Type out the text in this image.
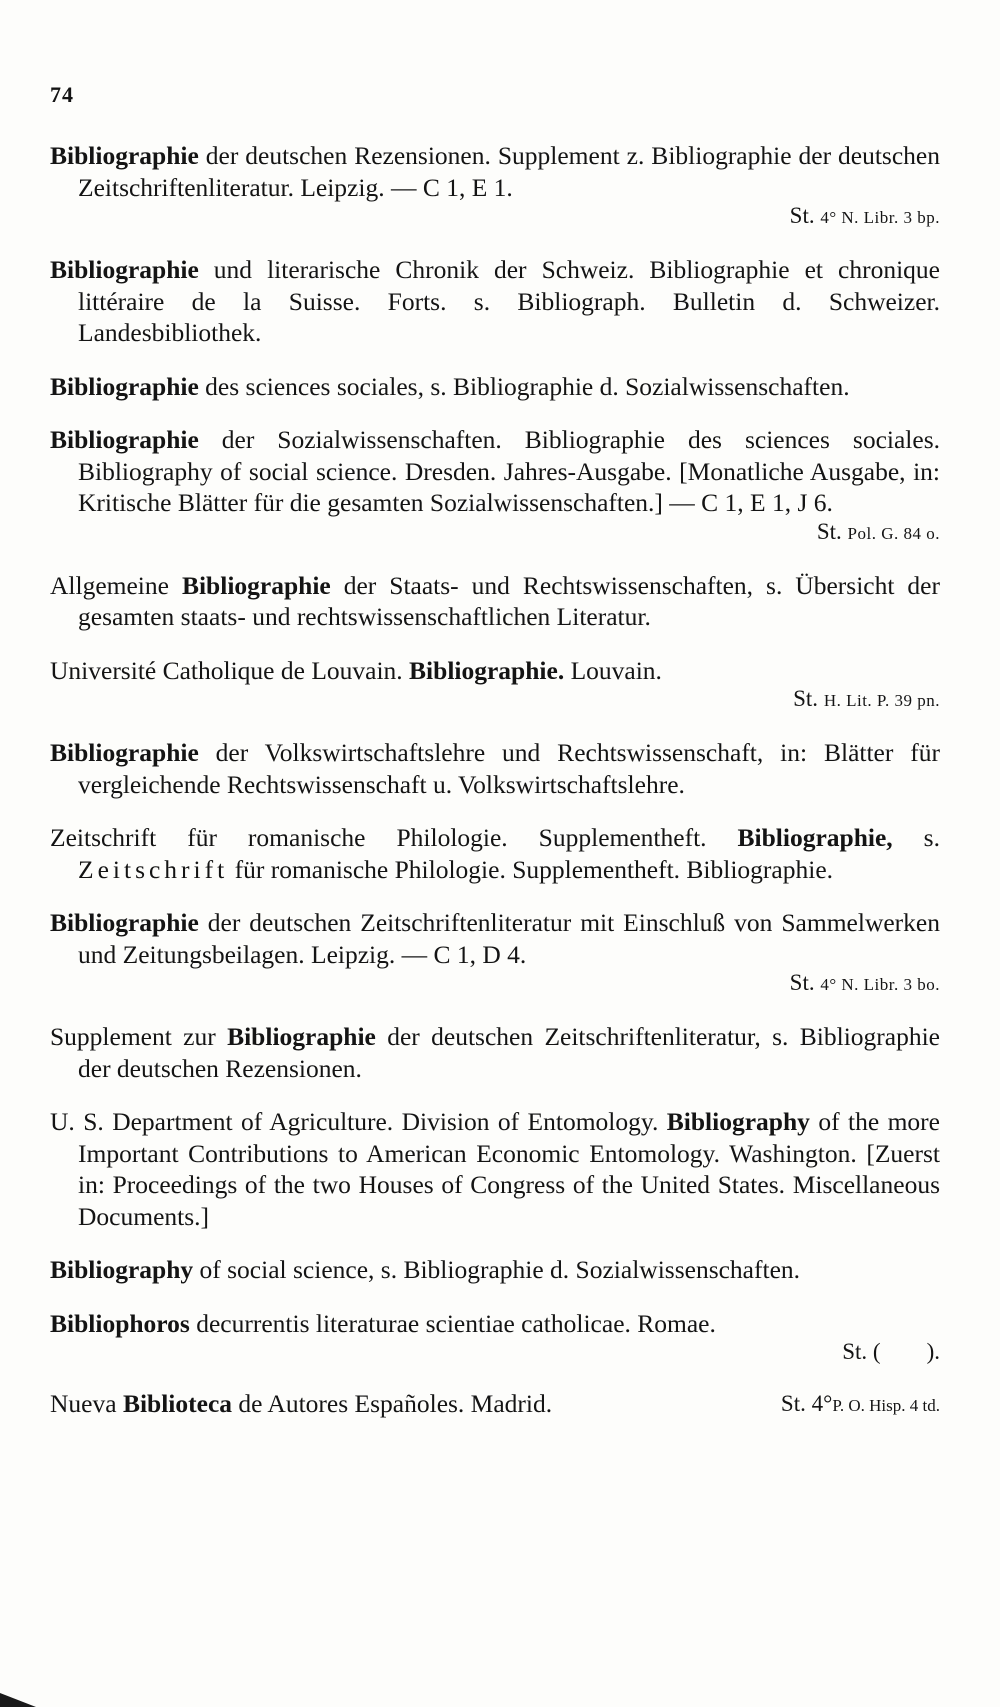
74
Bibliographie der deutschen Rezensionen. Supplement z. Bibliographie der deutschen Zeitschriftenliteratur. Leipzig. — C 1, E 1.
St. 4° N. Libr. 3 bp.
Bibliographie und literarische Chronik der Schweiz. Bibliographie et chronique littéraire de la Suisse. Forts. s. Bibliograph. Bulletin d. Schweizer. Landesbibliothek.
Bibliographie des sciences sociales, s. Bibliographie d. Sozialwissenschaften.
Bibliographie der Sozialwissenschaften. Bibliographie des sciences sociales. Bibliography of social science. Dresden. Jahres-Ausgabe. [Monatliche Ausgabe, in: Kritische Blätter für die gesamten Sozialwissenschaften.] — C 1, E 1, J 6.
St. Pol. G. 84 o.
Allgemeine Bibliographie der Staats- und Rechtswissenschaften, s. Übersicht der gesamten staats- und rechtswissenschaftlichen Literatur.
Université Catholique de Louvain. Bibliographie. Louvain.
St. H. Lit. P. 39 pn.
Bibliographie der Volkswirtschaftslehre und Rechtswissenschaft, in: Blätter für vergleichende Rechtswissenschaft u. Volkswirtschaftslehre.
Zeitschrift für romanische Philologie. Supplementheft. Bibliographie, s. Zeitschrift für romanische Philologie. Supplementheft. Bibliographie.
Bibliographie der deutschen Zeitschriftenliteratur mit Einschluß von Sammelwerken und Zeitungsbeilagen. Leipzig. — C 1, D 4.
St. 4° N. Libr. 3 bo.
Supplement zur Bibliographie der deutschen Zeitschriftenliteratur, s. Bibliographie der deutschen Rezensionen.
U. S. Department of Agriculture. Division of Entomology. Bibliography of the more Important Contributions to American Economic Entomology. Washington. [Zuerst in: Proceedings of the two Houses of Congress of the United States. Miscellaneous Documents.]
Bibliography of social science, s. Bibliographie d. Sozialwissenschaften.
Bibliophoros decurrentis literaturae scientiae catholicae. Romae.
St. ( ).
Nueva Biblioteca de Autores Españoles. Madrid.	St. 4°P. O. Hisp. 4 td.
